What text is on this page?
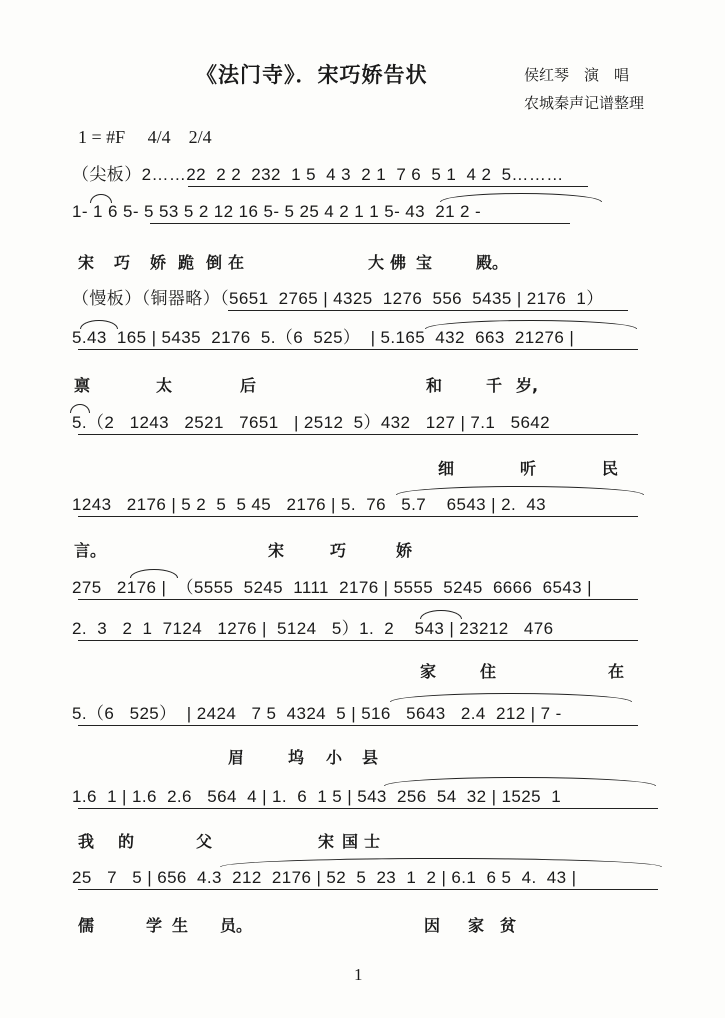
《法门寺》．宋巧娇告状	侯红琴　演　唱
农城秦声记谱整理
1 = #F　 4/4　2/4
（尖板）2……22  2 2  232  1 5  4 3  2 1  7 6  5 1  4 2  5………
1- 1 6 5- 5 53 5 2 12 16 5- 5 25 4 2 1 1 5- 43  21 2 -
（慢板）（铜器略）（5651  2765 | 4325  1276  556  5435 | 2176  1）
5.43  165 | 5435  2176  5.（6  525）  | 5.165  432  663  21276 |
5.（2   1243   2521   7651   | 2512  5）432   127 | 7.1   5642
1243   2176 | 5 2  5  5 45   2176 | 5.  76   5.7    6543 | 2.  43
275   2176 |  （5555  5245  1111  2176 | 5555  5245  6666  6543 |
2.  3   2  1  7124   1276 |  5124   5）1.  2    543 | 23212   476
5.（6   525）  | 2424   7 5  4324  5 | 516   5643   2.4  212 | 7 -
1.6  1 | 1.6  2.6   564  4 | 1.  6  1 5 | 543  256  54  32 | 1525  1
25   7   5 | 656  4.3  212  2176 | 52  5  23  1  2 | 6.1  6 5  4.  43 |
宋 巧 娇 跪 倒 在	大 佛 宝	殿。
禀	太	后	和	千 岁,
细	听	民
言。	宋	巧	娇
家	住	在
眉	坞 小 县
我 的	父	宋 国 士
儒	学 生 员。	因 家 贫
1
